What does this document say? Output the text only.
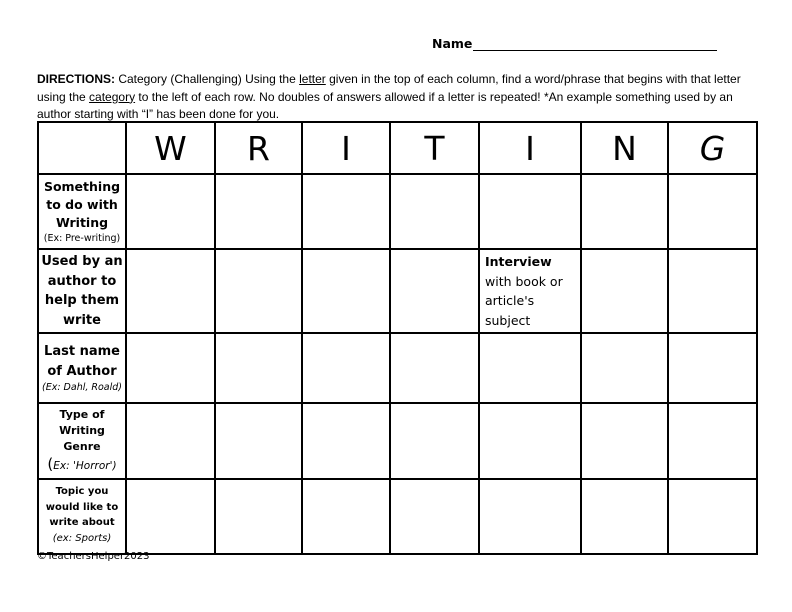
Name
DIRECTIONS: Category (Challenging) Using the letter given in the top of each column, find a word/phrase that begins with that letter using the category to the left of each row. No doubles of answers allowed if a letter is repeated! *An example something used by an author starting with “I” has been done for you.
	W	R	I	T	I	N	G

Something to do with Writing
(Ex: Pre-writing)							

Used by an author to help them write					Interview
with book or article's subject		

Last name of Author
(Ex: Dahl, Roald)							

Type of Writing Genre
(Ex: 'Horror')							

Topic you would like to write about
(ex: Sports)							

©TeachersHelper2023
